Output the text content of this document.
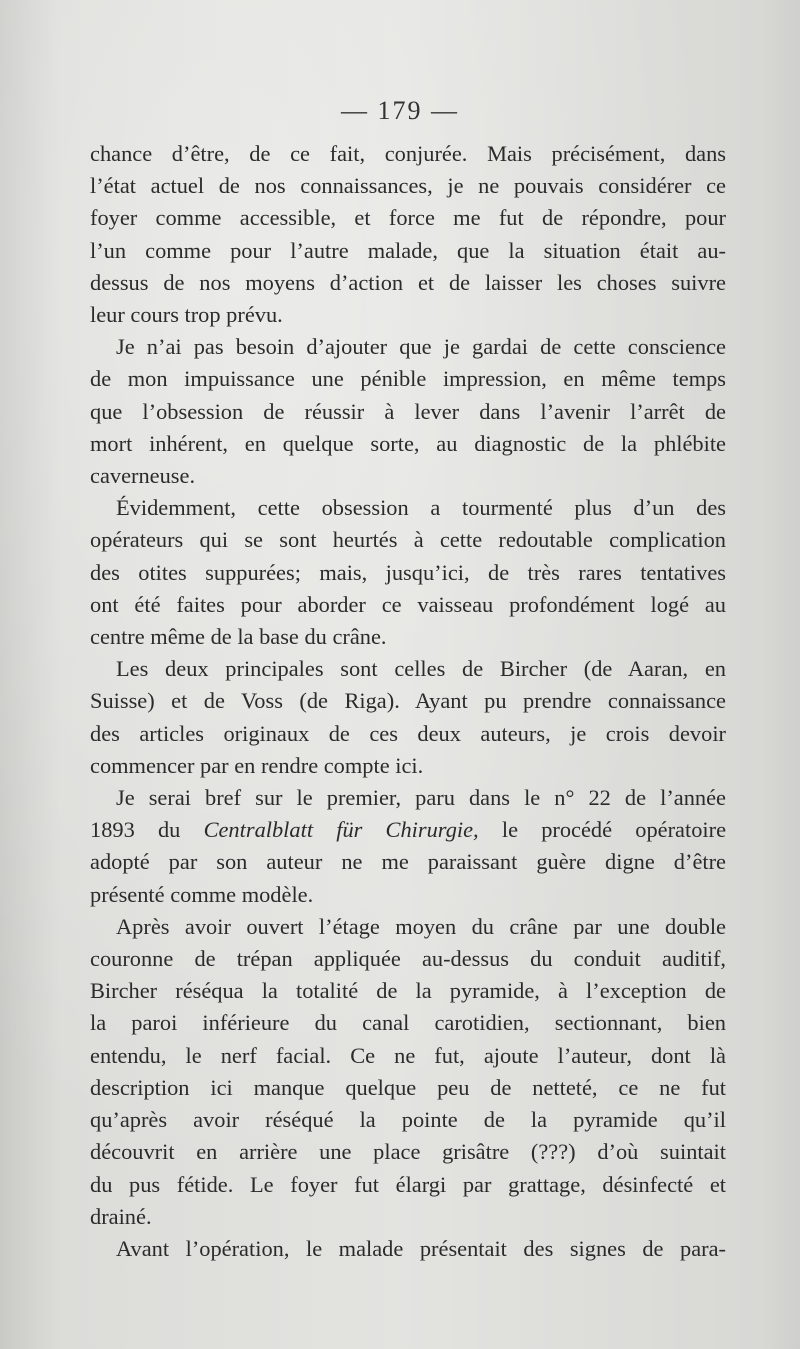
— 179 —

chance d’être, de ce fait, conjurée. Mais précisément, dans
l’état actuel de nos connaissances, je ne pouvais considérer ce
foyer comme accessible, et force me fut de répondre, pour
l’un comme pour l’autre malade, que la situation était au-
dessus de nos moyens d’action et de laisser les choses suivre
leur cours trop prévu.

Je n’ai pas besoin d’ajouter que je gardai de cette conscience
de mon impuissance une pénible impression, en même temps
que l’obsession de réussir à lever dans l’avenir l’arrêt de
mort inhérent, en quelque sorte, au diagnostic de la phlébite
caverneuse.

Évidemment, cette obsession a tourmenté plus d’un des
opérateurs qui se sont heurtés à cette redoutable complication
des otites suppurées; mais, jusqu’ici, de très rares tentatives
ont été faites pour aborder ce vaisseau profondément logé au
centre même de la base du crâne.

Les deux principales sont celles de Bircher (de Aaran, en
Suisse) et de Voss (de Riga). Ayant pu prendre connaissance
des articles originaux de ces deux auteurs, je crois devoir
commencer par en rendre compte ici.

Je serai bref sur le premier, paru dans le n° 22 de l’année
1893 du Centralblatt für Chirurgie, le procédé opératoire
adopté par son auteur ne me paraissant guère digne d’être
présenté comme modèle.

Après avoir ouvert l’étage moyen du crâne par une double
couronne de trépan appliquée au-dessus du conduit auditif,
Bircher réséqua la totalité de la pyramide, à l’exception de
la paroi inférieure du canal carotidien, sectionnant, bien
entendu, le nerf facial. Ce ne fut, ajoute l’auteur, dont là
description ici manque quelque peu de netteté, ce ne fut
qu’après avoir réséqué la pointe de la pyramide qu’il
découvrit en arrière une place grisâtre (???) d’où suintait
du pus fétide. Le foyer fut élargi par grattage, désinfecté et
drainé.

Avant l’opération, le malade présentait des signes de para-
